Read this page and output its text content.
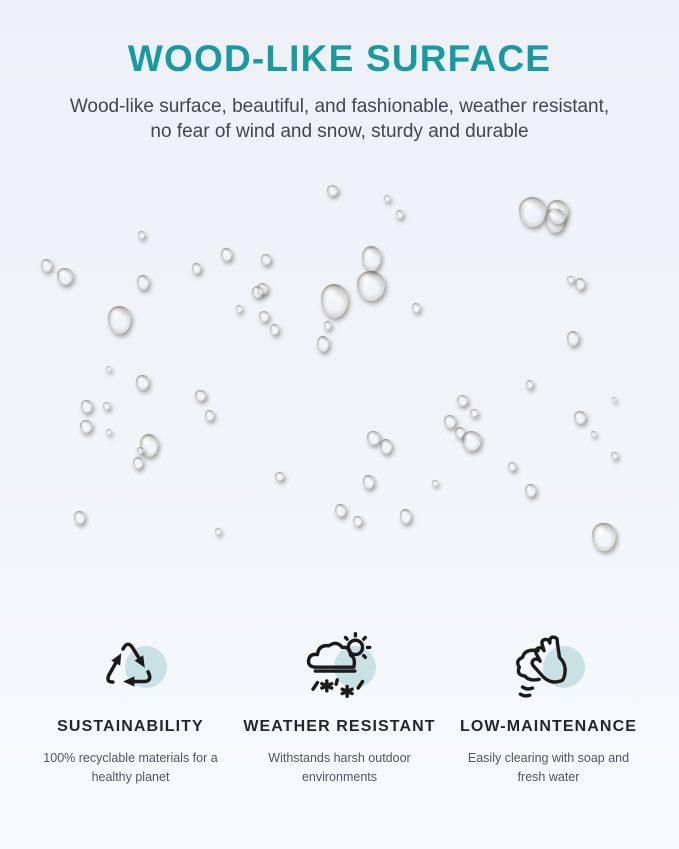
WOOD-LIKE SURFACE

Wood-like surface, beautiful, and fashionable, weather resistant,
no fear of wind and snow, sturdy and durable

SUSTAINABILITY

100% recyclable materials for a healthy planet

WEATHER RESISTANT

Withstands harsh outdoor environments

LOW-MAINTENANCE

Easily clearing with soap and fresh water
